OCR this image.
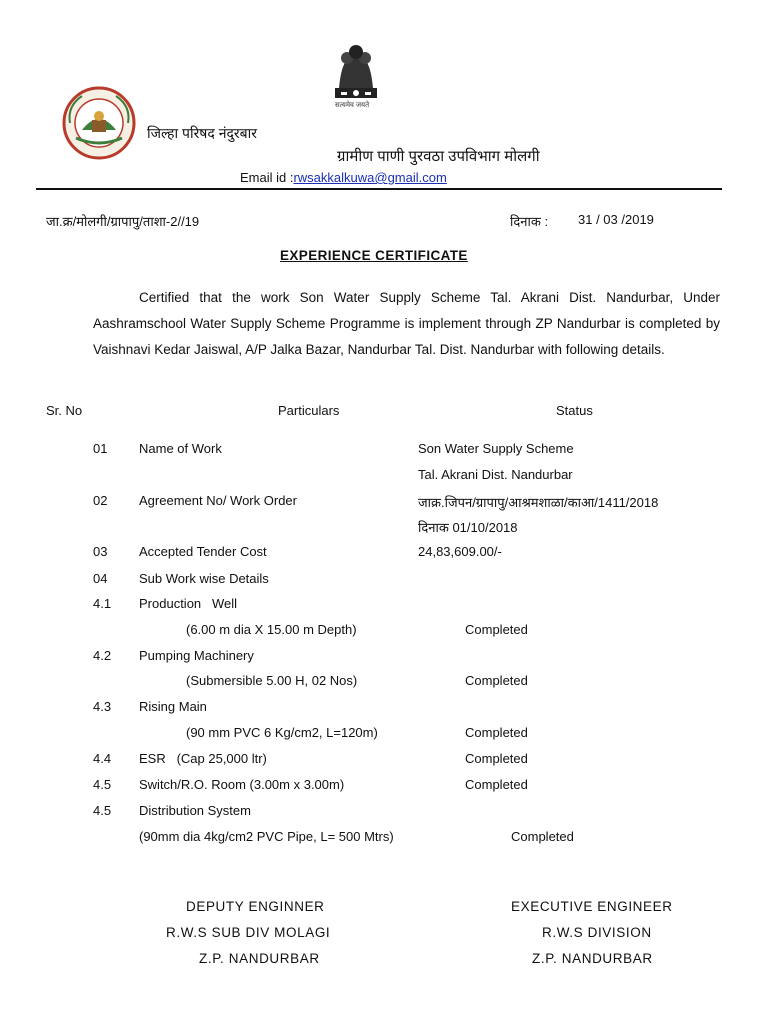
सत्यमेव जयते
जिल्हा परिषद नंदुरबार
ग्रामीण पाणी पुरवठा उपविभाग मोलगी
Email id :rwsakkalkuwa@gmail.com
जा.क्र/मोलगी/ग्रापापु/ताशा-2//19	दिनाक : 31 / 03 /2019
EXPERIENCE CERTIFICATE

Certified that the work Son Water Supply Scheme Tal. Akrani Dist. Nandurbar, Under Aashramschool Water Supply Scheme Programme is implement through ZP Nandurbar is completed by Vaishnavi Kedar Jaiswal, A/P Jalka Bazar, Nandurbar Tal. Dist. Nandurbar with following details.

Sr. No	Particulars	Status
01 Name of Work	Son Water Supply Scheme
Tal. Akrani Dist. Nandurbar
02 Agreement No/ Work Order	जाक्र.जिपन/ग्रापापु/आश्रमशाळा/काआ/1411/2018
दिनाक 01/10/2018
03 Accepted Tender Cost	24,83,609.00/-
04 Sub Work wise Details
4.1 Production   Well
(6.00 m dia X 15.00 m Depth)	Completed
4.2 Pumping Machinery
(Submersible 5.00 H, 02 Nos)	Completed
4.3 Rising Main
(90 mm PVC 6 Kg/cm2, L=120m)	Completed
4.4 ESR   (Cap 25,000 ltr)	Completed
4.5 Switch/R.O. Room (3.00m x 3.00m)	Completed
4.5 Distribution System
(90mm dia 4kg/cm2 PVC Pipe, L= 500 Mtrs)	Completed
DEPUTY ENGINNER
R.W.S SUB DIV MOLAGI
Z.P. NANDURBAR
EXECUTIVE ENGINEER
R.W.S DIVISION
Z.P. NANDURBAR
